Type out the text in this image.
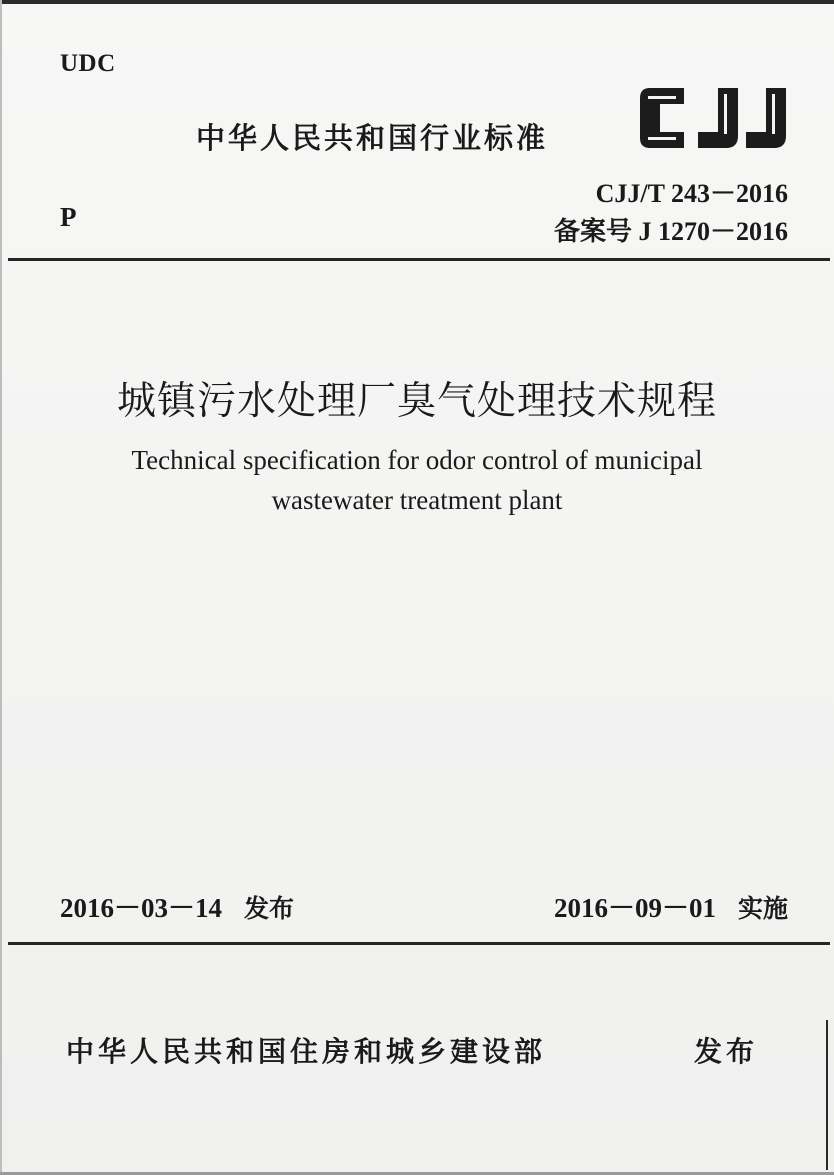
UDC
P
中华人民共和国行业标准
CJJ/T 243－2016
备案号 J 1270－2016
城镇污水处理厂臭气处理技术规程
Technical specification for odor control of municipal
wastewater treatment plant
2016－03－14 发布	2016－09－01 实施
中华人民共和国住房和城乡建设部	发布
